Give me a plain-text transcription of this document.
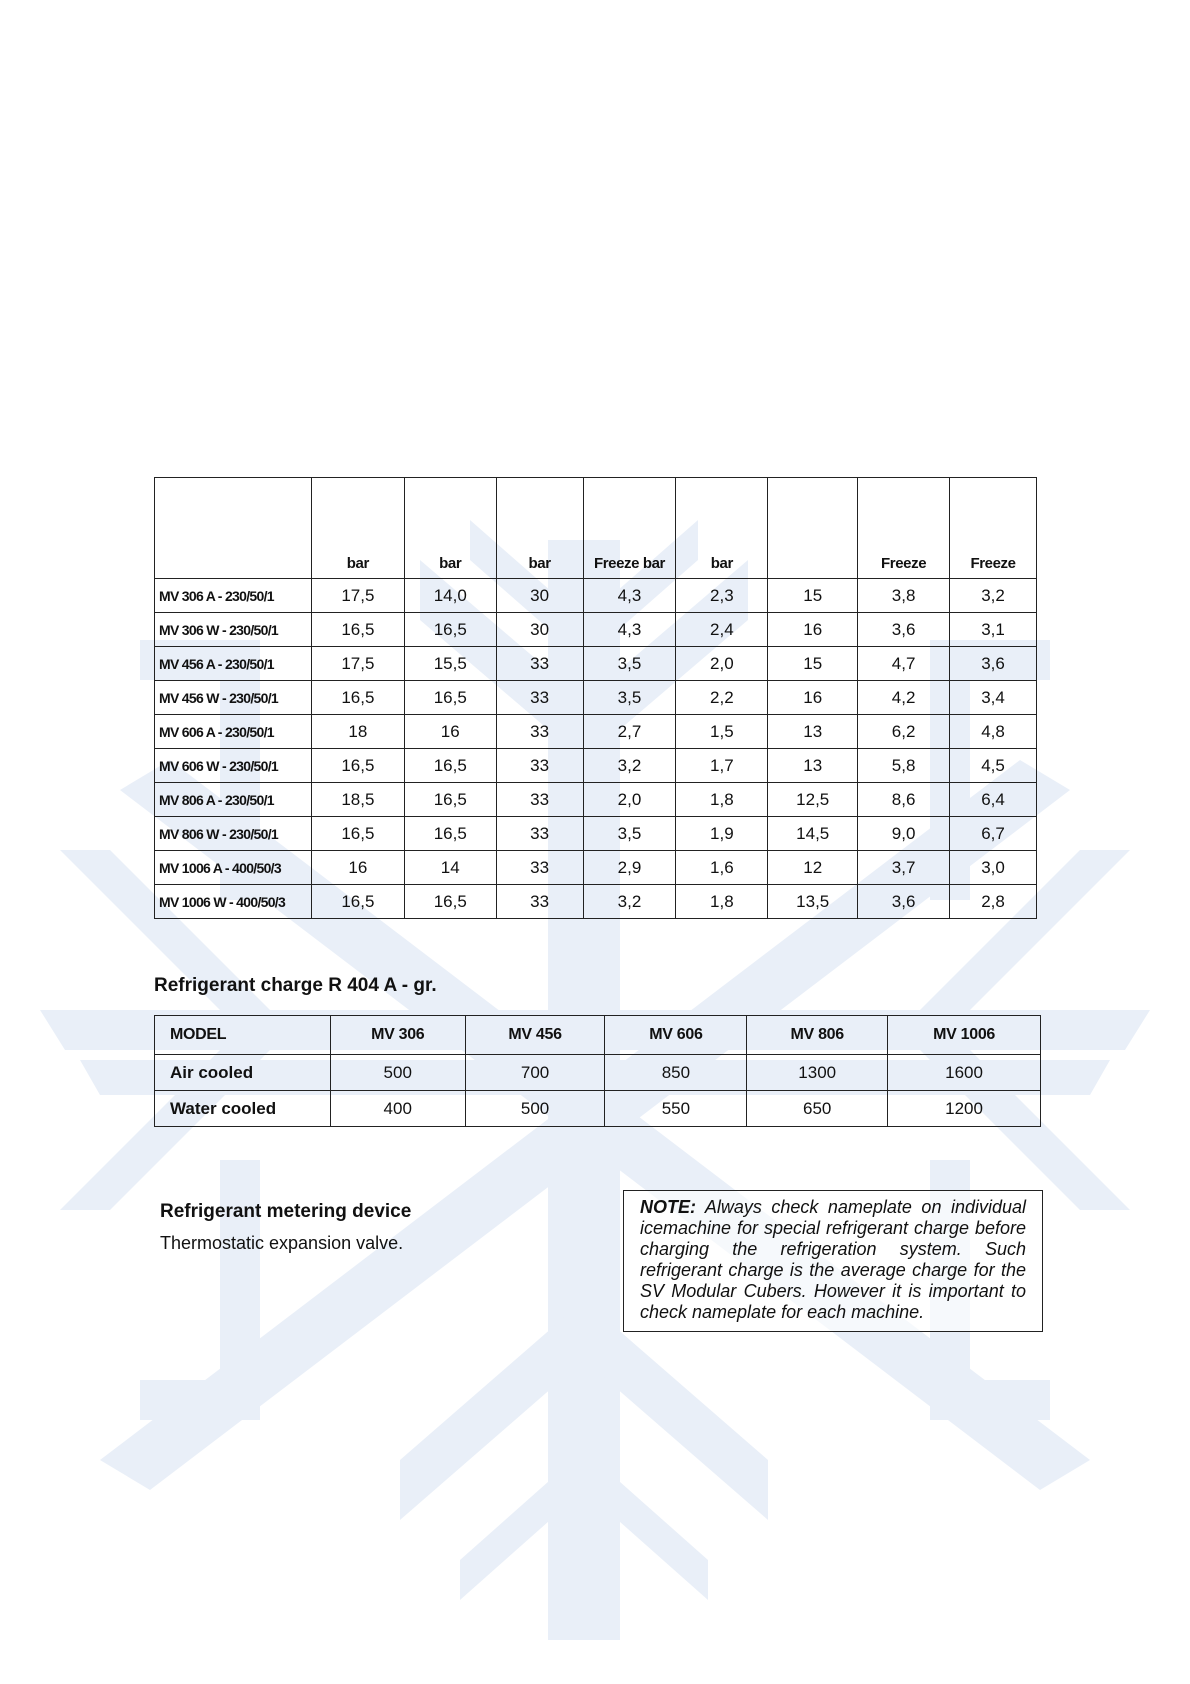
	bar	bar	bar	Freeze bar	bar		Freeze	Freeze
MV 306 A - 230/50/1	17,5	14,0	30	4,3	2,3	15	3,8	3,2
MV 306 W - 230/50/1	16,5	16,5	30	4,3	2,4	16	3,6	3,1
MV 456 A - 230/50/1	17,5	15,5	33	3,5	2,0	15	4,7	3,6
MV 456 W - 230/50/1	16,5	16,5	33	3,5	2,2	16	4,2	3,4
MV 606 A - 230/50/1	18	16	33	2,7	1,5	13	6,2	4,8
MV 606 W - 230/50/1	16,5	16,5	33	3,2	1,7	13	5,8	4,5
MV 806 A - 230/50/1	18,5	16,5	33	2,0	1,8	12,5	8,6	6,4
MV 806 W - 230/50/1	16,5	16,5	33	3,5	1,9	14,5	9,0	6,7
MV 1006 A - 400/50/3	16	14	33	2,9	1,6	12	3,7	3,0
MV 1006 W - 400/50/3	16,5	16,5	33	3,2	1,8	13,5	3,6	2,8
Refrigerant charge R 404 A - gr.
MODEL	MV 306	MV 456	MV 606	MV 806	MV 1006
Air cooled	500	700	850	1300	1600
Water cooled	400	500	550	650	1200
Refrigerant metering device
Thermostatic expansion valve.
NOTE: Always check nameplate on individual icemachine for special refrigerant charge before charging the refrigeration system. Such refrigerant charge is the average charge for the SV Modular Cubers. However it is important to check nameplate for each machine.
